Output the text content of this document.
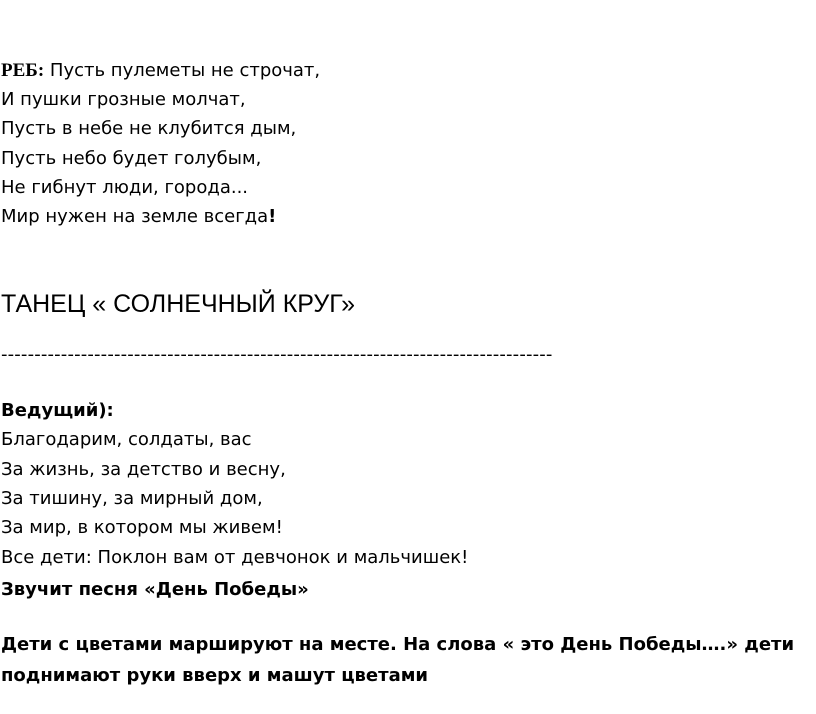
РЕБ: Пусть пулеметы не строчат,
И пушки грозные молчат,
Пусть в небе не клубится дым,
Пусть небо будет голубым,
Не гибнут люди, города...
Мир нужен на земле всегда!
ТАНЕЦ « СОЛНЕЧНЫЙ КРУГ»
-----------------------------------------------------------------------------------
Ведущий):
Благодарим, солдаты, вас
За жизнь, за детство и весну,
За тишину, за мирный дом,
За мир, в котором мы живем!
Все дети: Поклон вам от девчонок и мальчишек!
Звучит песня «День Победы»
Дети с цветами маршируют на месте. На слова « это День Победы….» дети
поднимают руки вверх и машут цветами
